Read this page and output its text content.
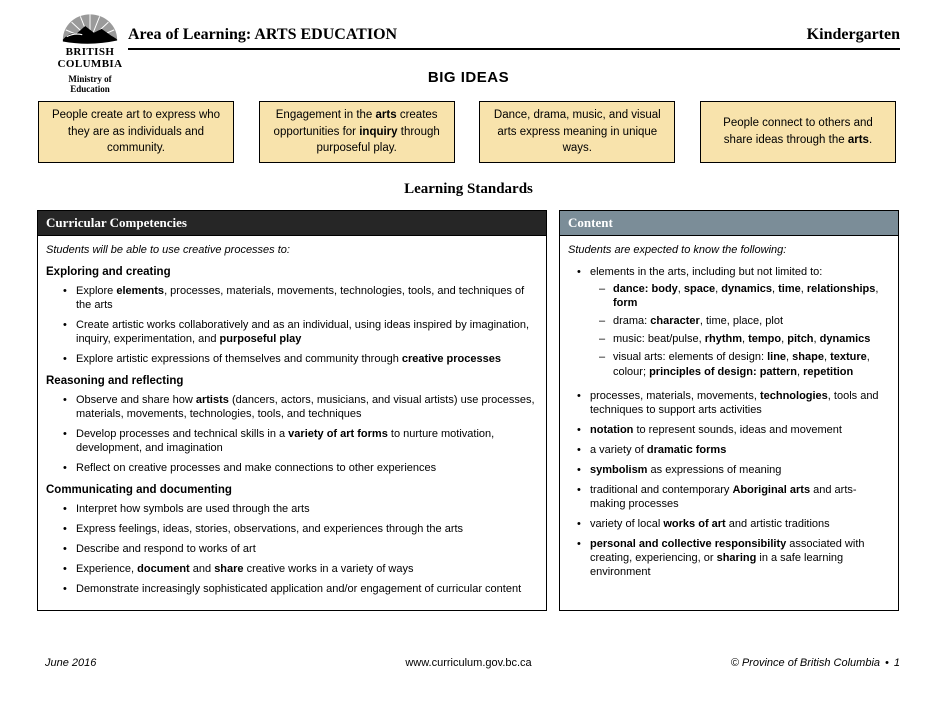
BRITISH
COLUMBIA
Ministry of Education
Area of Learning: ARTS EDUCATION	Kindergarten
BIG IDEAS

People create art to express who they are as individuals and community.

Engagement in the arts creates opportunities for inquiry through purposeful play.

Dance, drama, music, and visual arts express meaning in unique ways.

People connect to others and share ideas through the arts.

Learning Standards
Curricular Competencies

Students will be able to use creative processes to:

Exploring and creating
• Explore elements, processes, materials, movements, technologies, tools, and techniques of the arts
• Create artistic works collaboratively and as an individual, using ideas inspired by imagination, inquiry, experimentation, and purposeful play
• Explore artistic expressions of themselves and community through creative processes
Reasoning and reflecting
• Observe and share how artists (dancers, actors, musicians, and visual artists) use processes, materials, movements, technologies, tools, and techniques
• Develop processes and technical skills in a variety of art forms to nurture motivation, development, and imagination
• Reflect on creative processes and make connections to other experiences
Communicating and documenting
• Interpret how symbols are used through the arts
• Express feelings, ideas, stories, observations, and experiences through the arts
• Describe and respond to works of art
• Experience, document and share creative works in a variety of ways
• Demonstrate increasingly sophisticated application and/or engagement of curricular content
Content

Students are expected to know the following:

• elements in the arts, including but not limited to:
– dance: body, space, dynamics, time, relationships, form
– drama: character, time, place, plot
– music: beat/pulse, rhythm, tempo, pitch, dynamics
– visual arts: elements of design: line, shape, texture, colour; principles of design: pattern, repetition
• processes, materials, movements, technologies, tools and techniques to support arts activities
• notation to represent sounds, ideas and movement
• a variety of dramatic forms
• symbolism as expressions of meaning
• traditional and contemporary Aboriginal arts and arts-making processes
• variety of local works of art and artistic traditions
• personal and collective responsibility associated with creating, experiencing, or sharing in a safe learning environment
June 2016	www.curriculum.gov.bc.ca	© Province of British Columbia • 1
